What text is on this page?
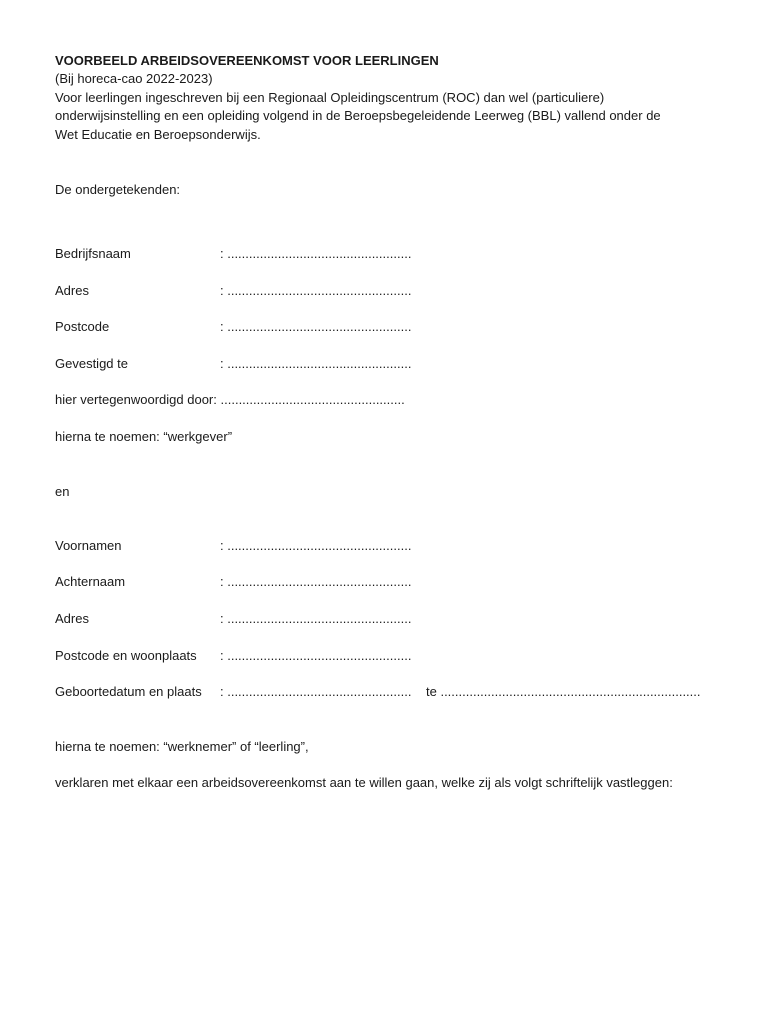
VOORBEELD ARBEIDSOVEREENKOMST VOOR LEERLINGEN
(Bij horeca-cao 2022-2023)
Voor leerlingen ingeschreven bij een Regionaal Opleidingscentrum (ROC) dan wel (particuliere)
onderwijsinstelling en een opleiding volgend in de Beroepsbegeleidende Leerweg (BBL) vallend onder de
Wet Educatie en Beroepsonderwijs.
De ondergetekenden:
Bedrijfsnaam	: ...................................................
Adres	: ...................................................
Postcode	: ...................................................
Gevestigd te	: ...................................................
hier vertegenwoordigd door: ...................................................
hierna te noemen: “werkgever”
en
Voornamen	: ...................................................
Achternaam	: ...................................................
Adres	: ...................................................
Postcode en woonplaats : ...................................................
Geboortedatum en plaats : ................................................... te ........................................................................
hierna te noemen: “werknemer” of “leerling”,
verklaren met elkaar een arbeidsovereenkomst aan te willen gaan, welke zij als volgt schriftelijk vastleggen:
